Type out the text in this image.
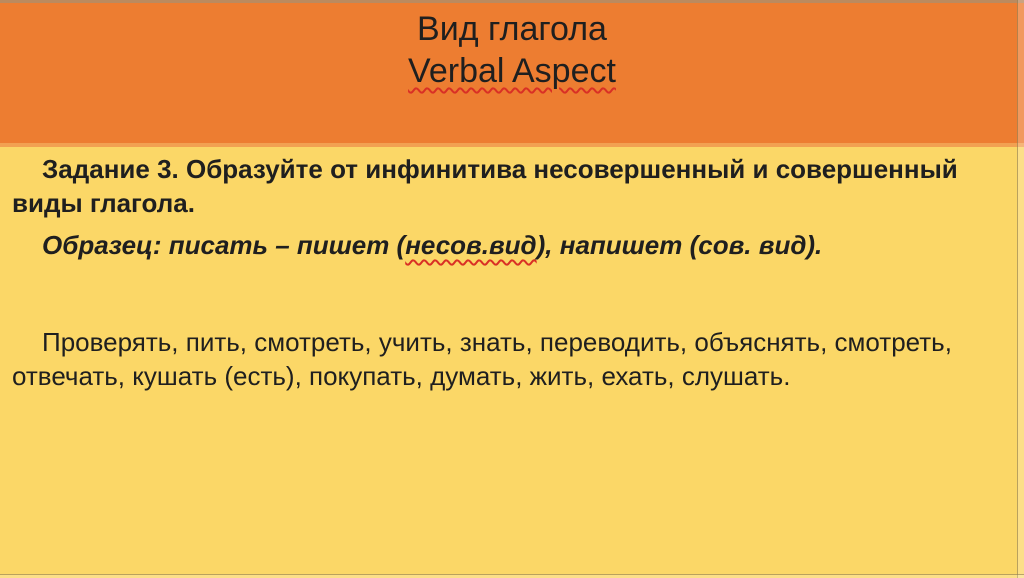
Вид глагола
Verbal Aspect

Задание 3. Образуйте от инфинитива несовершенный и совершенный
виды глагола.

Образец: писать – пишет (несов.вид), напишет (сов. вид).

Проверять, пить, смотреть, учить, знать, переводить, объяснять, смотреть,
отвечать, кушать (есть), покупать, думать, жить, ехать, слушать.
